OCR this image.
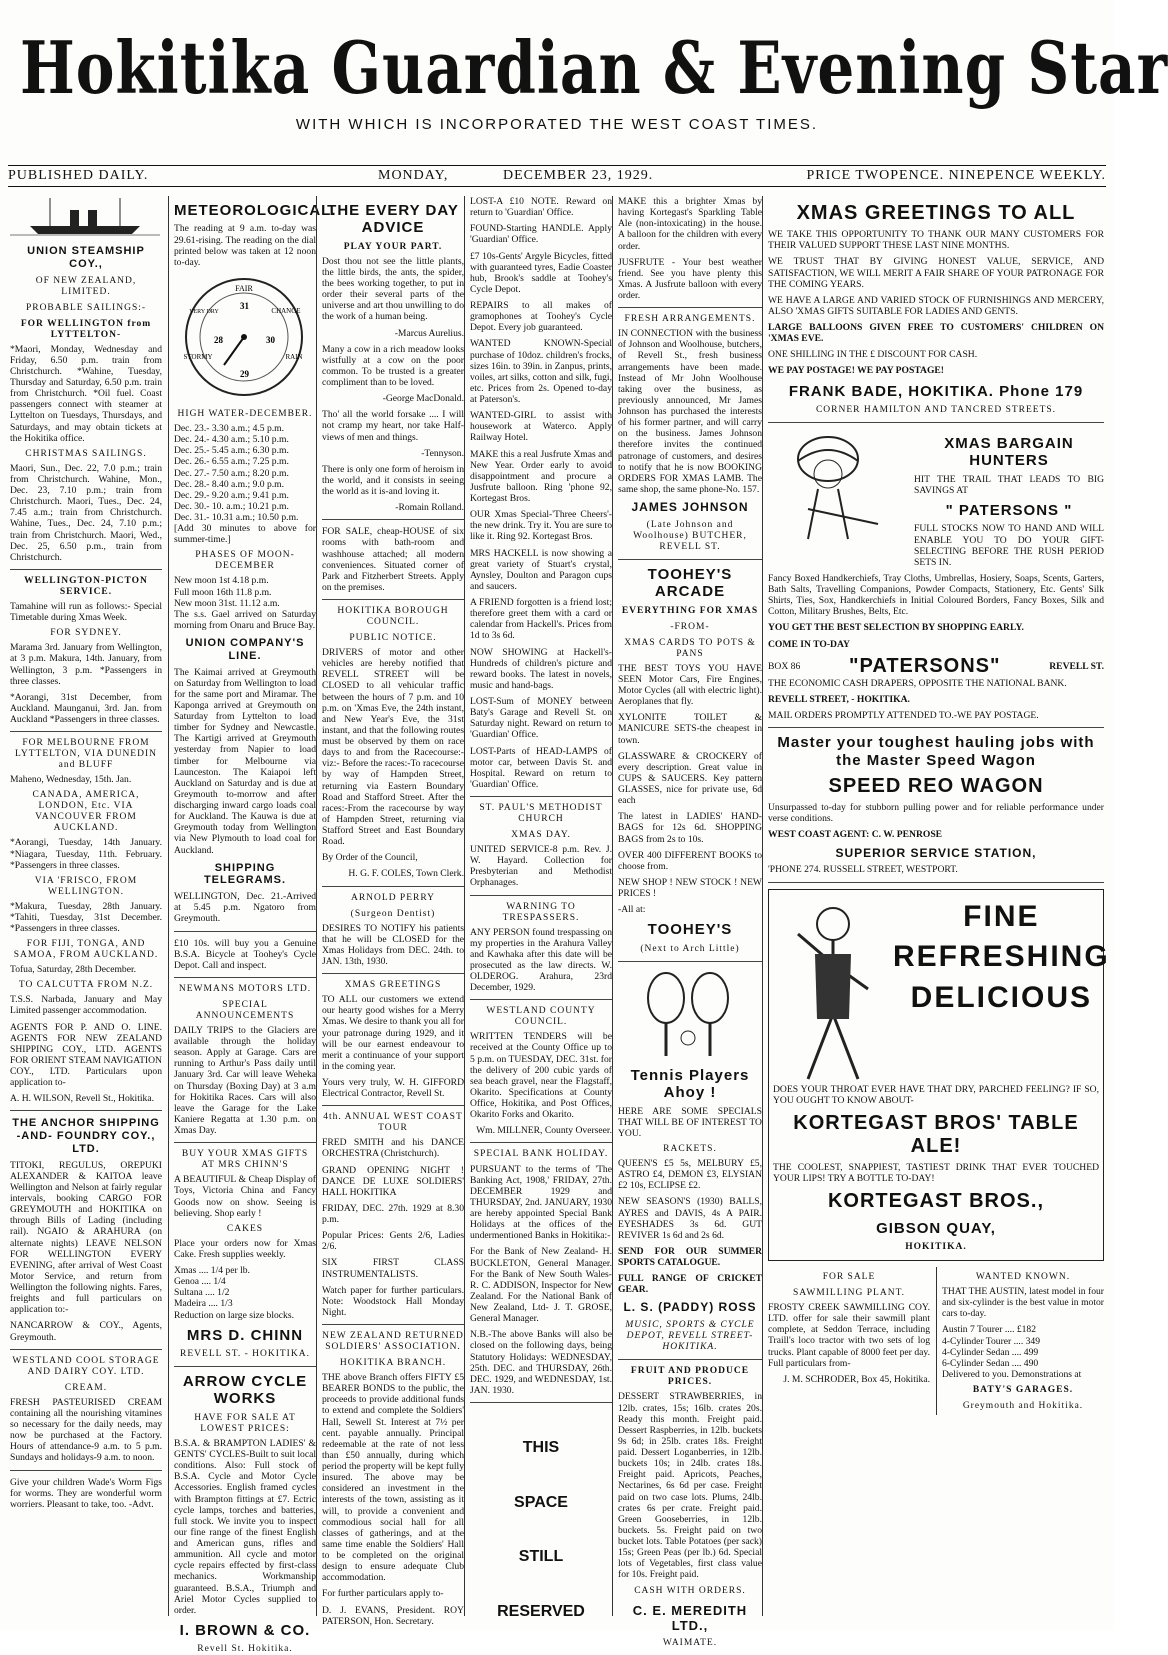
Hokitika Guardian & Evening Star
WITH WHICH IS INCORPORATED THE WEST COAST TIMES.
PUBLISHED DAILY.	MONDAY,	DECEMBER 23, 1929.	PRICE TWOPENCE. NINEPENCE WEEKLY.
UNION STEAMSHIP COY.,
OF NEW ZEALAND, LIMITED.
PROBABLE SAILINGS:-
FOR WELLINGTON from LYTTELTON-

*Maori, Monday, Wednesday and Friday, 6.50 p.m. train from Christchurch. *Wahine, Tuesday, Thursday and Saturday, 6.50 p.m. train from Christchurch. *Oil fuel. Coast passengers connect with steamer at Lyttelton on Tuesdays, Thursdays, and Saturdays, and may obtain tickets at the Hokitika office.

CHRISTMAS SAILINGS.

Maori, Sun., Dec. 22, 7.0 p.m.; train from Christchurch. Wahine, Mon., Dec. 23, 7.10 p.m.; train from Christchurch. Maori, Tues., Dec. 24, 7.45 a.m.; train from Christchurch. Wahine, Tues., Dec. 24, 7.10 p.m.; train from Christchurch. Maori, Wed., Dec. 25, 6.50 p.m., train from Christchurch.

WELLINGTON-PICTON SERVICE.

Tamahine will run as follows:- Special Timetable during Xmas Week.

FOR SYDNEY.

Marama 3rd. January from Wellington, at 3 p.m. Makura, 14th. January, from Wellington, 3 p.m. *Passengers in three classes.

*Aorangi, 31st December, from Auckland. Maunganui, 3rd. Jan. from Auckland *Passengers in three classes.

FOR MELBOURNE FROM LYTTELTON, VIA DUNEDIN and BLUFF

Maheno, Wednesday, 15th. Jan.

CANADA, AMERICA, LONDON, Etc. VIA VANCOUVER FROM AUCKLAND.

*Aorangi, Tuesday, 14th January. *Niagara, Tuesday, 11th. February. *Passengers in three classes.

VIA 'FRISCO, FROM WELLINGTON.

*Makura, Tuesday, 28th January. *Tahiti, Tuesday, 31st December. *Passengers in three classes.

FOR FIJI, TONGA, AND SAMOA, FROM AUCKLAND.

Tofua, Saturday, 28th December.

TO CALCUTTA FROM N.Z.

T.S.S. Narbada, January and May Limited passenger accommodation.

AGENTS FOR P. AND O. LINE. AGENTS FOR NEW ZEALAND SHIPPING COY., LTD. AGENTS FOR ORIENT STEAM NAVIGATION COY., LTD. Particulars upon application to-

A. H. WILSON, Revell St., Hokitika.

THE ANCHOR SHIPPING -AND- FOUNDRY COY., LTD.

TITOKI, REGULUS, OREPUKI ALEXANDER & KAITOA leave Wellington and Nelson at fairly regular intervals, booking CARGO FOR GREYMOUTH and HOKITIKA on through Bills of Lading (including rail). NGAIO & ARAHURA (on alternate nights) LEAVE NELSON FOR WELLINGTON EVERY EVENING, after arrival of West Coast Motor Service, and return from Wellington the following nights. Fares, freights and full particulars on application to:-

NANCARROW & COY., Agents, Greymouth.

WESTLAND COOL STORAGE AND DAIRY COY. LTD.
CREAM.

FRESH PASTEURISED CREAM containing all the nourishing vitamines so necessary for the daily needs, may now be purchased at the Factory. Hours of attendance-9 a.m. to 5 p.m. Sundays and holidays-9 a.m. to noon.

Give your children Wade's Worm Figs for worms. They are wonderful worm worriers. Pleasant to take, too. -Advt.

METEOROLOGICAL.

The reading at 9 a.m. to-day was 29.61-rising. The reading on the dial printed below was taken at 12 noon to-day.

FAIR
CHANGE
RAIN
STORMY
VERY DRY
28
29
30
31
HIGH WATER-DECEMBER.
Dec. 23.- 3.30 a.m.; 4.5 p.m.
Dec. 24.- 4.30 a.m.; 5.10 p.m.
Dec. 25.- 5.45 a.m.; 6.30 p.m.
Dec. 26.- 6.55 a.m.; 7.25 p.m.
Dec. 27.- 7.50 a.m.; 8.20 p.m.
Dec. 28.- 8.40 a.m.; 9.0 p.m.
Dec. 29.- 9.20 a.m.; 9.41 p.m.
Dec. 30.- 10. a.m.; 10.21 p.m.
Dec. 31.- 10.31 a.m.; 10.50 p.m.

[Add 30 minutes to above for summer-time.]

PHASES OF MOON-DECEMBER
New moon 1st 4.18 p.m.
Full moon 16th 11.8 p.m.
New moon 31st. 11.12 a.m.

The s.s. Gael arrived on Saturday morning from Onaru and Bruce Bay.

UNION COMPANY'S LINE.

The Kaimai arrived at Greymouth on Saturday from Wellington to load for the same port and Miramar. The Kaponga arrived at Greymouth on Saturday from Lyttelton to load timber for Sydney and Newcastle. The Kartigi arrived at Greymouth yesterday from Napier to load timber for Melbourne via Launceston. The Kaiapoi left Auckland on Saturday and is due at Greymouth to-morrow and after discharging inward cargo loads coal for Auckland. The Kauwa is due at Greymouth today from Wellington via New Plymouth to load coal for Auckland.

SHIPPING TELEGRAMS.

WELLINGTON, Dec. 21.-Arrived at 5.45 p.m. Ngatoro from Greymouth.

£10 10s. will buy you a Genuine B.S.A. Bicycle at Toohey's Cycle Depot. Call and inspect.

NEWMANS MOTORS LTD.
SPECIAL ANNOUNCEMENTS

DAILY TRIPS to the Glaciers are available through the holiday season. Apply at Garage. Cars are running to Arthur's Pass daily until January 3rd. Car will leave Weheka on Thursday (Boxing Day) at 3 a.m for Hokitika Races. Cars will also leave the Garage for the Lake Kaniere Regatta at 1.30 p.m. on Xmas Day.

BUY YOUR XMAS GIFTS AT MRS CHINN'S

A BEAUTIFUL & Cheap Display of Toys, Victoria China and Fancy Goods now on show. Seeing is believing. Shop early !

CAKES

Place your orders now for Xmas Cake. Fresh supplies weekly.

Xmas .... 1/4 per lb.
Genoa .... 1/4
Sultana .... 1/2
Madeira .... 1/3

Reduction on large size blocks.

MRS D. CHINN
REVELL ST. - HOKITIKA.
ARROW CYCLE WORKS
HAVE FOR SALE AT LOWEST PRICES:

B.S.A. & BRAMPTON LADIES' & GENTS' CYCLES-Built to suit local conditions. Also: Full stock of B.S.A. Cycle and Motor Cycle Accessories. English framed cycles with Brampton fittings at £7. Ectric cycle lamps, torches and batteries, full stock. We invite you to inspect our fine range of the finest English and American guns, rifles and ammunition. All cycle and motor cycle repairs effected by first-class mechanics. Workmanship guaranteed. B.S.A., Triumph and Ariel Motor Cycles supplied to order.

I. BROWN & CO.
Revell St. Hokitika.
THE EVERY DAY ADVICE
PLAY YOUR PART.

Dost thou not see the little plants, the little birds, the ants, the spider, the bees working together, to put in order their several parts of the universe and art thou unwilling to do the work of a human being.

-Marcus Aurelius.

Many a cow in a rich meadow looks wistfully at a cow on the poor common. To be trusted is a greater compliment than to be loved.

-George MacDonald.

Tho' all the world forsake .... I will not cramp my heart, nor take Half-views of men and things.

-Tennyson.

There is only one form of heroism in the world, and it consists in seeing the world as it is-and loving it.

-Romain Rolland.

FOR SALE, cheap-HOUSE of six rooms with bath-room and washhouse attached; all modern conveniences. Situated corner of Park and Fitzherbert Streets. Apply on the premises.

HOKITIKA BOROUGH COUNCIL.
PUBLIC NOTICE.

DRIVERS of motor and other vehicles are hereby notified that REVELL STREET will be CLOSED to all vehicular traffic between the hours of 7 p.m. and 10 p.m. on 'Xmas Eve, the 24th instant, and New Year's Eve, the 31st instant, and that the following routes must be observed by them on race days to and from the Racecourse:-viz:- Before the races:-To racecourse by way of Hampden Street, returning via Eastern Boundary Road and Stafford Street. After the races:-From the racecourse by way of Hampden Street, returning via Stafford Street and East Boundary Road.

By Order of the Council,

H. G. F. COLES, Town Clerk.

ARNOLD PERRY
(Surgeon Dentist)

DESIRES TO NOTIFY his patients that he will be CLOSED for the Xmas Holidays from DEC. 24th. to JAN. 13th, 1930.

XMAS GREETINGS

TO ALL our customers we extend our hearty good wishes for a Merry Xmas. We desire to thank you all for your patronage during 1929, and it will be our earnest endeavour to merit a continuance of your support in the coming year.

Yours very truly, W. H. GIFFORD Electrical Contractor, Revell St.

4th. ANNUAL WEST COAST TOUR

FRED SMITH and his DANCE ORCHESTRA (Christchurch).

GRAND OPENING NIGHT ! DANCE DE LUXE SOLDIERS' HALL HOKITIKA

FRIDAY, DEC. 27th. 1929 at 8.30 p.m.

Popular Prices: Gents 2/6, Ladies 2/6.

SIX FIRST CLASS INSTRUMENTALISTS.

Watch paper for further particulars. Note: Woodstock Hall Monday Night.

NEW ZEALAND RETURNED SOLDIERS' ASSOCIATION.
HOKITIKA BRANCH.

THE above Branch offers FIFTY £5 BEARER BONDS to the public, the proceeds to provide additional funds to extend and complete the Soldiers' Hall, Sewell St. Interest at 7½ per cent. payable annually. Principal redeemable at the rate of not less than £50 annually, during which period the property will be kept fully insured. The above may be considered an investment in the interests of the town, assisting as it will, to provide a convenient and commodious social hall for all classes of gatherings, and at the same time enable the Soldiers' Hall to be completed on the original design to ensure adequate Club accommodation.

For further particulars apply to-

D. J. EVANS, President. ROY PATERSON, Hon. Secretary.

LOST-A £10 NOTE. Reward on return to 'Guardian' Office.

FOUND-Starting HANDLE. Apply 'Guardian' Office.

£7 10s-Gents' Argyle Bicycles, fitted with guaranteed tyres, Eadie Coaster hub, Brook's saddle at Toohey's Cycle Depot.

REPAIRS to all makes of gramophones at Toohey's Cycle Depot. Every job guaranteed.

WANTED KNOWN-Special purchase of 10doz. children's frocks, sizes 16in. to 39in. in Zanpus, prints, voiles, art silks, cotton and silk, fugi, etc. Prices from 2s. Opened to-day at Paterson's.

WANTED-GIRL to assist with housework at Waterco. Apply Railway Hotel.

MAKE this a real Jusfrute Xmas and New Year. Order early to avoid disappointment and procure a Jusfrute balloon. Ring 'phone 92, Kortegast Bros.

OUR Xmas Special-'Three Cheers'-the new drink. Try it. You are sure to like it. Ring 92. Kortegast Bros.

MRS HACKELL is now showing a great variety of Stuart's crystal, Aynsley, Doulton and Paragon cups and saucers.

A FRIEND forgotten is a friend lost; therefore greet them with a card or calendar from Hackell's. Prices from 1d to 3s 6d.

NOW SHOWING at Hackell's-Hundreds of children's picture and reward books. The latest in novels, music and hand-bags.

LOST-Sum of MONEY between Baty's Garage and Revell St. on Saturday night. Reward on return to 'Guardian' Office.

LOST-Parts of HEAD-LAMPS of motor car, between Davis St. and Hospital. Reward on return to 'Guardian' Office.

ST. PAUL'S METHODIST CHURCH
XMAS DAY.

UNITED SERVICE-8 p.m. Rev. J. W. Hayard. Collection for Presbyterian and Methodist Orphanages.

WARNING TO TRESPASSERS.

ANY PERSON found trespassing on my properties in the Arahura Valley and Kawhaka after this date will be prosecuted as the law directs. W. OLDEROG. Arahura, 23rd December, 1929.

WESTLAND COUNTY COUNCIL.

WRITTEN TENDERS will be received at the County Office up to 5 p.m. on TUESDAY, DEC. 31st. for the delivery of 200 cubic yards of sea beach gravel, near the Flagstaff, Okarito. Specifications at County Office, Hokitika, and Post Offices, Okarito Forks and Okarito.

Wm. MILLNER, County Overseer.

SPECIAL BANK HOLIDAY.

PURSUANT to the terms of 'The Banking Act, 1908,' FRIDAY, 27th. DECEMBER 1929 and THURSDAY, 2nd. JANUARY, 1930 are hereby appointed Special Bank Holidays at the offices of the undermentioned Banks in Hokitika:-

For the Bank of New Zealand- H. BUCKLETON, General Manager. For the Bank of New South Wales- R. C. ADDISON, Inspector for New Zealand. For the National Bank of New Zealand, Ltd- J. T. GROSE, General Manager.

N.B.-The above Banks will also be closed on the following days, being Statutory Holidays: WEDNESDAY, 25th. DEC. and THURSDAY, 26th. DEC. 1929, and WEDNESDAY, 1st. JAN. 1930.

THIS
SPACE
STILL
RESERVED

MAKE this a brighter Xmas by having Kortegast's Sparkling Table Ale (non-intoxicating) in the house. A balloon for the children with every order.

JUSFRUTE - Your best weather friend. See you have plenty this Xmas. A Jusfrute balloon with every order.

FRESH ARRANGEMENTS.

IN CONNECTION with the business of Johnson and Woolhouse, butchers, of Revell St., fresh business arrangements have been made. Instead of Mr John Woolhouse taking over the business, as previously announced, Mr James Johnson has purchased the interests of his former partner, and will carry on the business. James Johnson therefore invites the continued patronage of customers, and desires to notify that he is now BOOKING ORDERS FOR XMAS LAMB. The same shop, the same phone-No. 157.

JAMES JOHNSON
(Late Johnson and Woolhouse) BUTCHER, REVELL ST.
TOOHEY'S ARCADE
EVERYTHING FOR XMAS
-FROM-
XMAS CARDS TO POTS & PANS

THE BEST TOYS YOU HAVE SEEN Motor Cars, Fire Engines, Motor Cycles (all with electric light). Aeroplanes that fly.

XYLONITE TOILET & MANICURE SETS-the cheapest in town.

GLASSWARE & CROCKERY of every description. Great value in CUPS & SAUCERS. Key pattern GLASSES, nice for private use, 6d each

The latest in LADIES' HAND-BAGS for 12s 6d. SHOPPING BAGS from 2s to 10s.

OVER 400 DIFFERENT BOOKS to choose from.

NEW SHOP ! NEW STOCK ! NEW PRICES !

-All at:

TOOHEY'S
(Next to Arch Little)
Tennis Players Ahoy !

HERE ARE SOME SPECIALS THAT WILL BE OF INTEREST TO YOU.

RACKETS.

QUEEN'S £5 5s, MELBURY £5, ASTRO £4, DEMON £3, ELYSIAN £2 10s, ECLIPSE £2.

NEW SEASON'S (1930) BALLS, AYRES and DAVIS, 4s A PAIR. EYESHADES 3s 6d. GUT REVIVER 1s 6d and 2s 6d.

SEND FOR OUR SUMMER SPORTS CATALOGUE.

FULL RANGE OF CRICKET GEAR.

L. S. (PADDY) ROSS
MUSIC, SPORTS & CYCLE DEPOT, REVELL STREET-HOKITIKA.
FRUIT AND PRODUCE PRICES.

DESSERT STRAWBERRIES, in 12lb. crates, 15s; 16lb. crates 20s. Ready this month. Freight paid. Dessert Raspberries, in 12lb. buckets 9s 6d; in 25lb. crates 18s. Freight paid. Dessert Loganberries, in 12lb. buckets 10s; in 24lb. crates 18s. Freight paid. Apricots, Peaches, Nectarines, 6s 6d per case. Freight paid on two case lots. Plums, 24lb. crates 6s per crate. Freight paid. Green Gooseberries, in 12lb. buckets. 5s. Freight paid on two bucket lots. Table Potatoes (per sack) 15s; Green Peas (per lb.) 6d. Special lots of Vegetables, first class value for 10s. Freight paid.

CASH WITH ORDERS.
C. E. MEREDITH LTD.,
WAIMATE.
XMAS GREETINGS TO ALL

WE TAKE THIS OPPORTUNITY TO THANK OUR MANY CUSTOMERS FOR THEIR VALUED SUPPORT THESE LAST NINE MONTHS.

WE TRUST THAT BY GIVING HONEST VALUE, SERVICE, AND SATISFACTION, WE WILL MERIT A FAIR SHARE OF YOUR PATRONAGE FOR THE COMING YEARS.

WE HAVE A LARGE AND VARIED STOCK OF FURNISHINGS AND MERCERY, ALSO 'XMAS GIFTS SUITABLE FOR LADIES AND GENTS.

LARGE BALLOONS GIVEN FREE TO CUSTOMERS' CHILDREN ON 'XMAS EVE.

ONE SHILLING IN THE £ DISCOUNT FOR CASH.

WE PAY POSTAGE! WE PAY POSTAGE!

FRANK BADE, HOKITIKA. Phone 179
CORNER HAMILTON AND TANCRED STREETS.
XMAS BARGAIN HUNTERS

HIT THE TRAIL THAT LEADS TO BIG SAVINGS AT

" PATERSONS "

FULL STOCKS NOW TO HAND AND WILL ENABLE YOU TO DO YOUR GIFT-SELECTING BEFORE THE RUSH PERIOD SETS IN.

Fancy Boxed Handkerchiefs, Tray Cloths, Umbrellas, Hosiery, Soaps, Scents, Garters, Bath Salts, Travelling Companions, Powder Compacts, Stationery, Etc. Gents' Silk Shirts, Ties, Sox, Handkerchiefs in Initial Coloured Borders, Fancy Boxes, Silk and Cotton, Military Brushes, Belts, Etc.

YOU GET THE BEST SELECTION BY SHOPPING EARLY.

COME IN TO-DAY

BOX 86 "PATERSONS"	REVELL ST.

THE ECONOMIC CASH DRAPERS, OPPOSITE THE NATIONAL BANK.

REVELL STREET, - HOKITIKA.

MAIL ORDERS PROMPTLY ATTENDED TO.-WE PAY POSTAGE.

Master your toughest hauling jobs with the Master Speed Wagon
SPEED REO WAGON

Unsurpassed to-day for stubborn pulling power and for reliable performance under verse conditions.

WEST COAST AGENT: C. W. PENROSE

SUPERIOR SERVICE STATION,

'PHONE 274. RUSSELL STREET, WESTPORT.

FINE
REFRESHING
DELICIOUS

DOES YOUR THROAT EVER HAVE THAT DRY, PARCHED FEELING? IF SO, YOU OUGHT TO KNOW ABOUT-

KORTEGAST BROS' TABLE ALE!

THE COOLEST, SNAPPIEST, TASTIEST DRINK THAT EVER TOUCHED YOUR LIPS! TRY A BOTTLE TO-DAY!

KORTEGAST BROS.,
GIBSON QUAY,
HOKITIKA.
FOR SALE
SAWMILLING PLANT.

FROSTY CREEK SAWMILLING COY. LTD. offer for sale their sawmill plant complete, at Seddon Terrace, including Traill's loco tractor with two sets of log trucks. Plant capable of 8000 feet per day. Full particulars from-

J. M. SCHRODER, Box 45, Hokitika.

WANTED KNOWN.

THAT THE AUSTIN, latest model in four and six-cylinder is the best value in motor cars to-day.

Austin 7 Tourer .... £182
4-Cylinder Tourer .... 349
4-Cylinder Sedan .... 499
6-Cylinder Sedan .... 490

Delivered to you. Demonstrations at

BATY'S GARAGES.
Greymouth and Hokitika.
